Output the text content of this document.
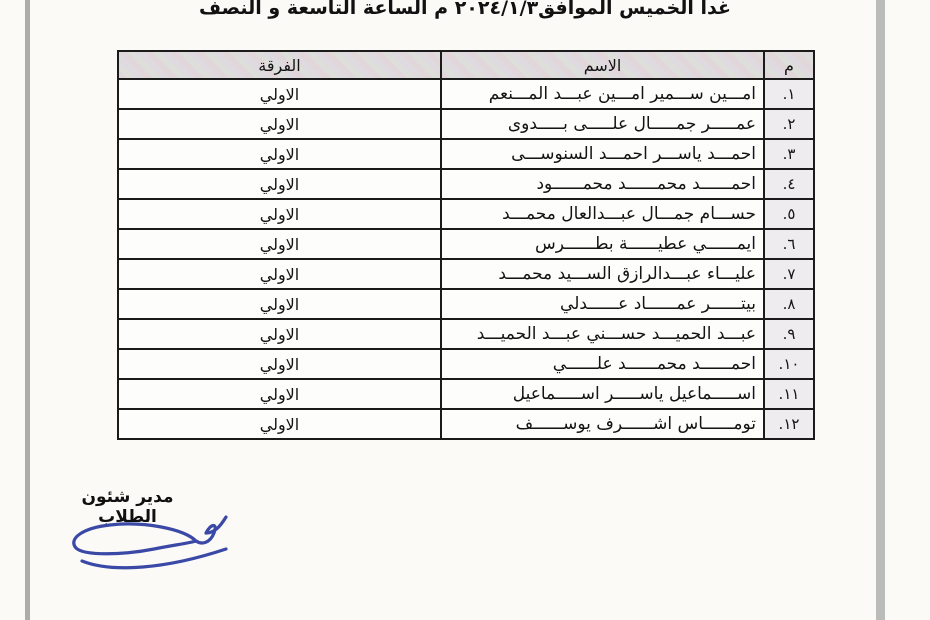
غدا الخميس الموافق٢٠٢٤/١/٣ م الساعة التاسعة و النصف
م	الاسم	الفرقة
١.	امـــين ســـمير امـــين عبـــد المـــنعم	الاولي
٢.	عمـــــر جمـــــال علـــــى بـــــدوى	الاولي
٣.	احمـــد ياســـر احمـــد السنوســـى	الاولي
٤.	احمــــــد محمــــــد محمــــــود	الاولي
٥.	حســـام جمـــال عبـــدالعال محمـــد	الاولي
٦.	ايمــــــي عطيــــــة بطــــــرس	الاولي
٧.	عليـــاء عبـــدالرازق الســـيد محمـــد	الاولي
٨.	بيتــــــر عمــــــاد عــــــدلي	الاولي
٩.	عبـــد الحميـــد حســـني عبـــد الحميـــد	الاولي
١٠.	احمــــــد محمــــــد علــــــي	الاولي
١١.	اســـــماعيل ياســـــر اســـــماعيل	الاولي
١٢.	تومــــــاس اشــــــرف يوســــــف	الاولي
مدير شئون الطلاب
